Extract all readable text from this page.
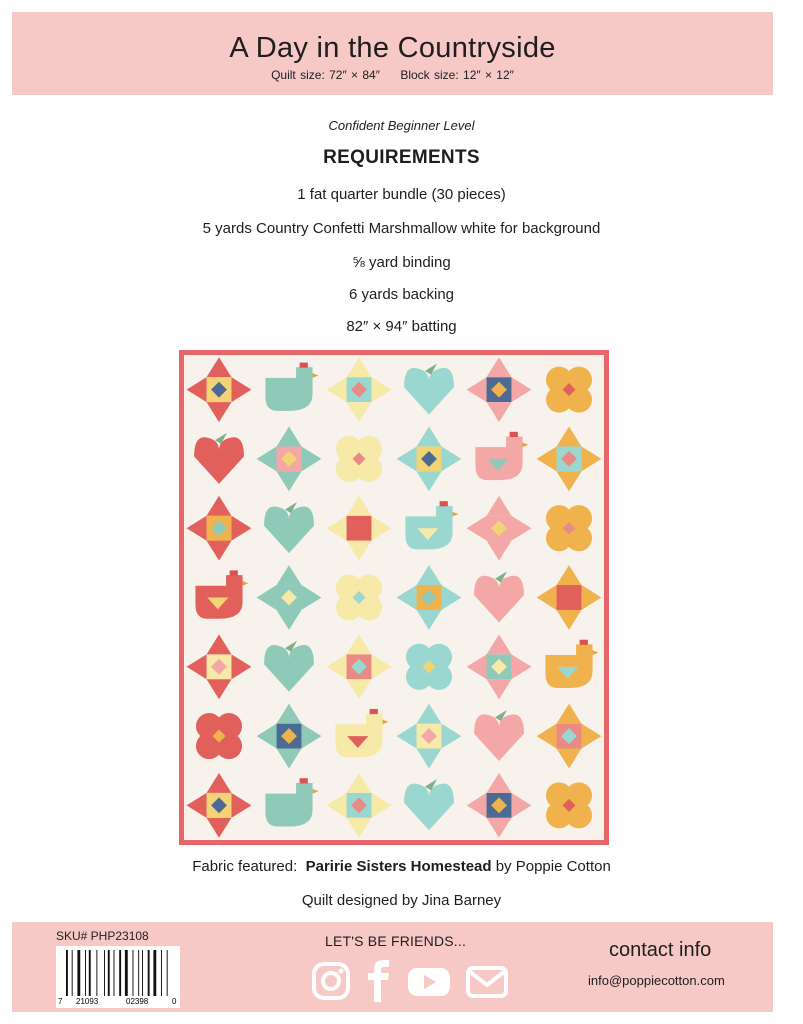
A Day in the Countryside
Quilt size: 72″ × 84″ Block size: 12″ × 12″
Confident Beginner Level
REQUIREMENTS
1 fat quarter bundle (30 pieces)
5 yards Country Confetti Marshmallow white for background
⅝ yard binding
6 yards backing
82″ × 94″ batting
Fabric featured: Paririe Sisters Homestead by Poppie Cotton
Quilt designed by Jina Barney
SKU# PHP23108
7 21093	02398	0
LET'S BE FRIENDS...	contact info
info@poppiecotton.com
